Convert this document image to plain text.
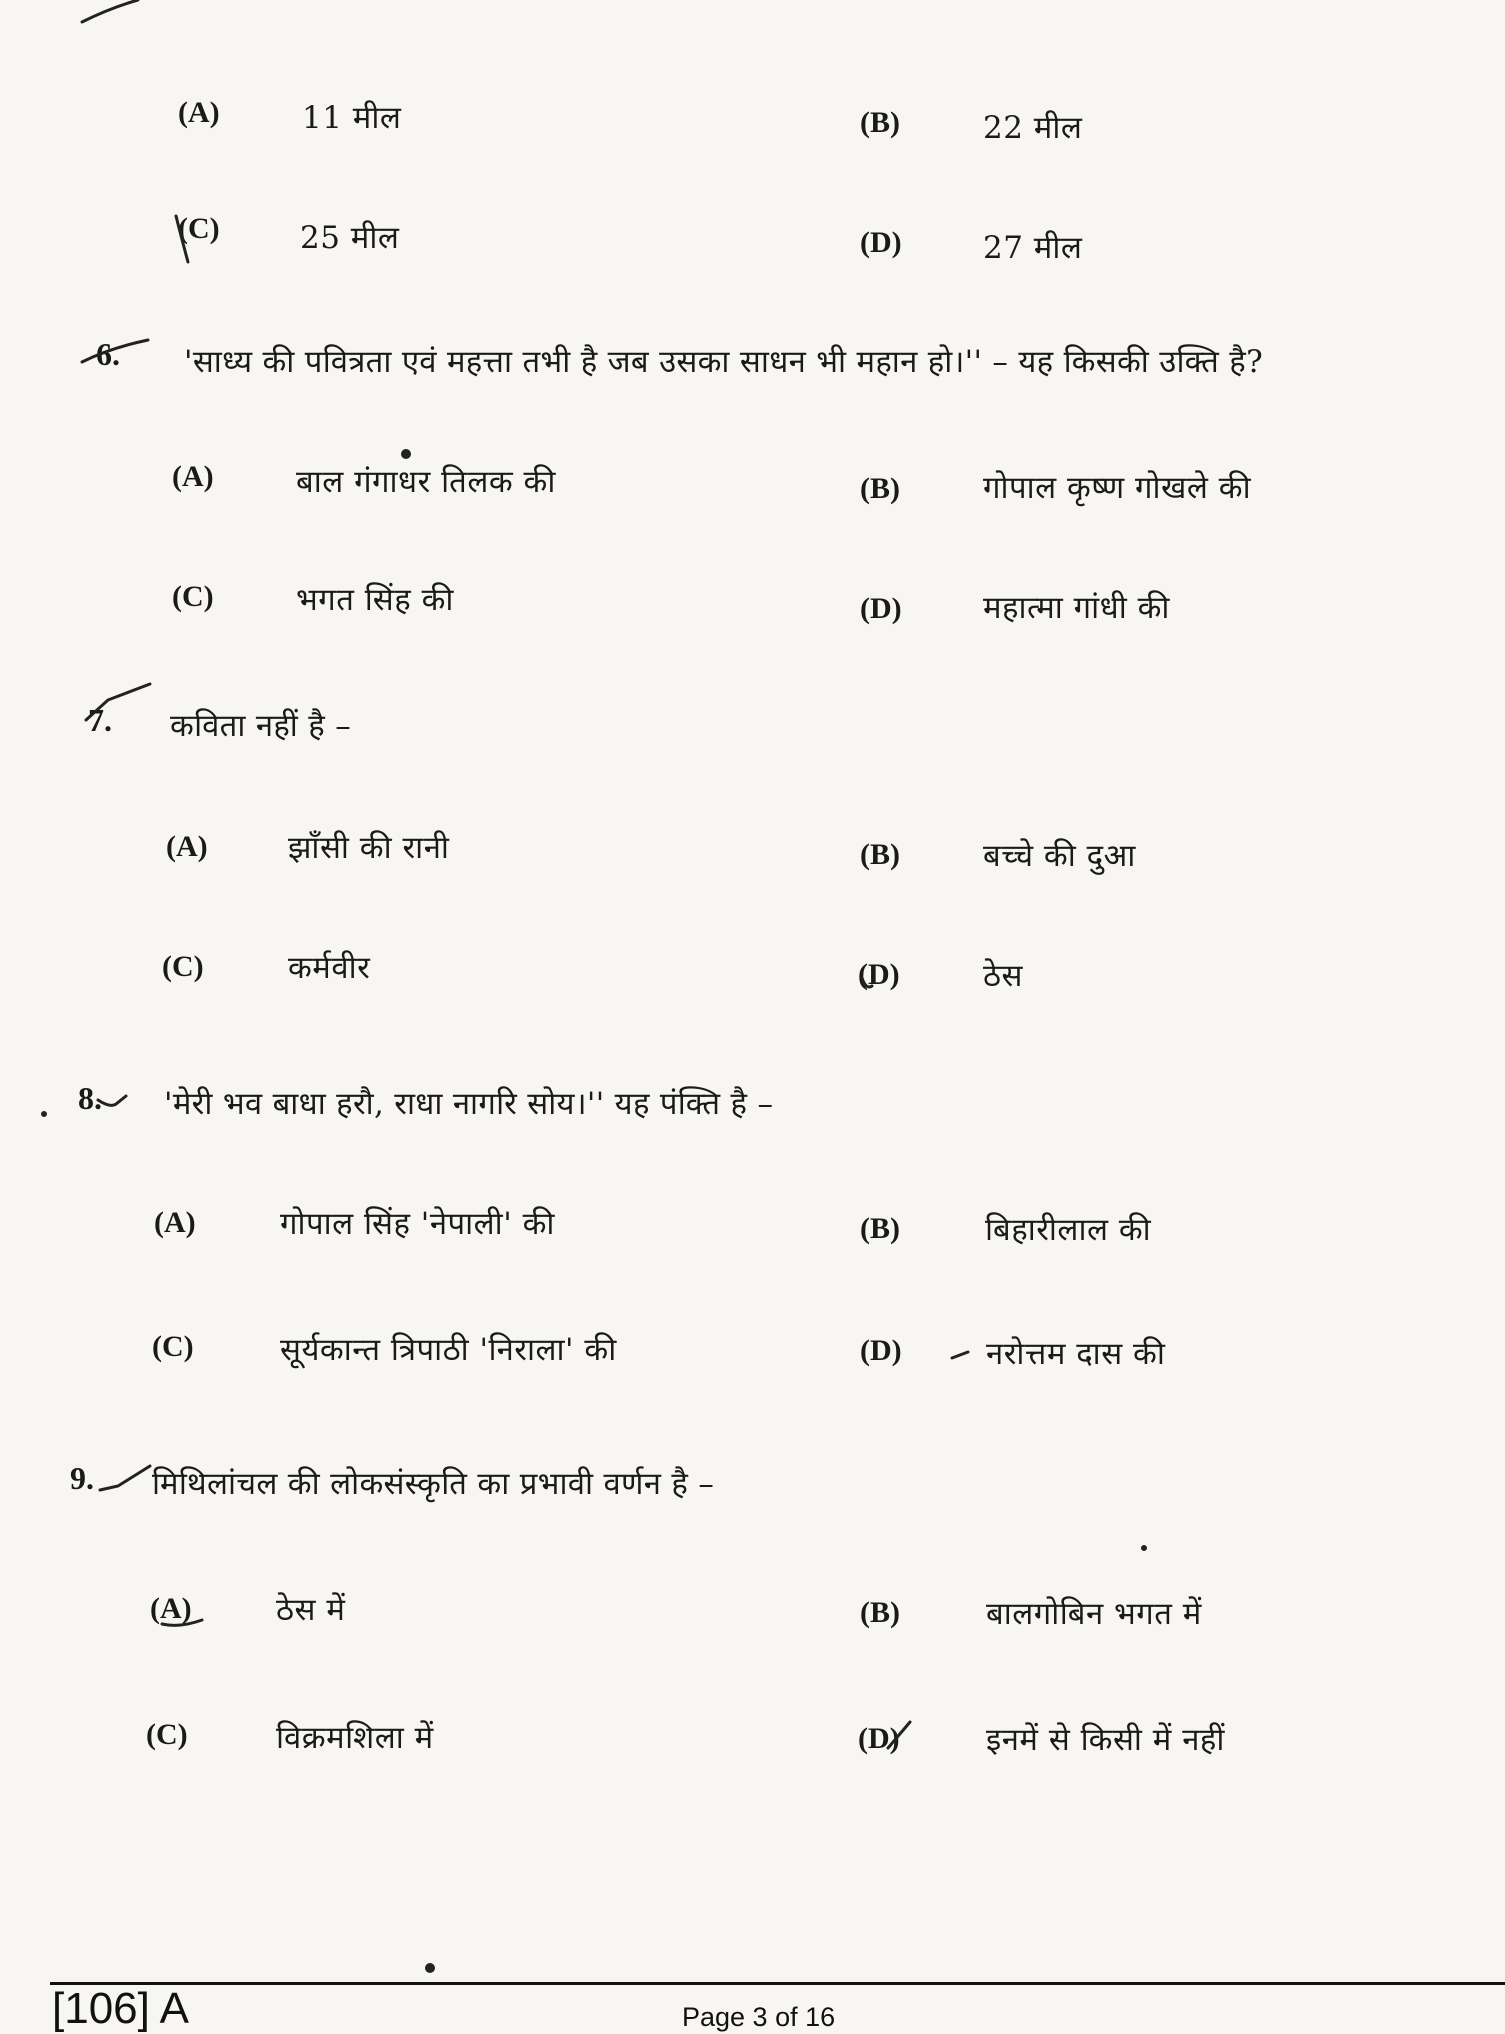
(A)	11 मील	(B)	22 मील
(C)	25 मील	(D)	27 मील
6. 'साध्य की पवित्रता एवं महत्ता तभी है जब उसका साधन भी महान हो।'' – यह किसकी उक्ति है?
(A)	बाल गंगाधर तिलक की	(B)	गोपाल कृष्ण गोखले की
(C)	भगत सिंह की	(D)	महात्मा गांधी की
7. कविता नहीं है –
(A)	झाँसी की रानी	(B)	बच्चे की दुआ
(C)	कर्मवीर	(D)	ठेस
8. 'मेरी भव बाधा हरौ, राधा नागरि सोय।'' यह पंक्ति है –
(A)	गोपाल सिंह 'नेपाली' की	(B)	बिहारीलाल की
(C)	सूर्यकान्त त्रिपाठी 'निराला' की	(D)	नरोत्तम दास की
9. मिथिलांचल की लोकसंस्कृति का प्रभावी वर्णन है –
(A)	ठेस में	(B)	बालगोबिन भगत में
(C)	विक्रमशिला में	(D)	इनमें से किसी में नहीं
[106] A	Page 3 of 16
